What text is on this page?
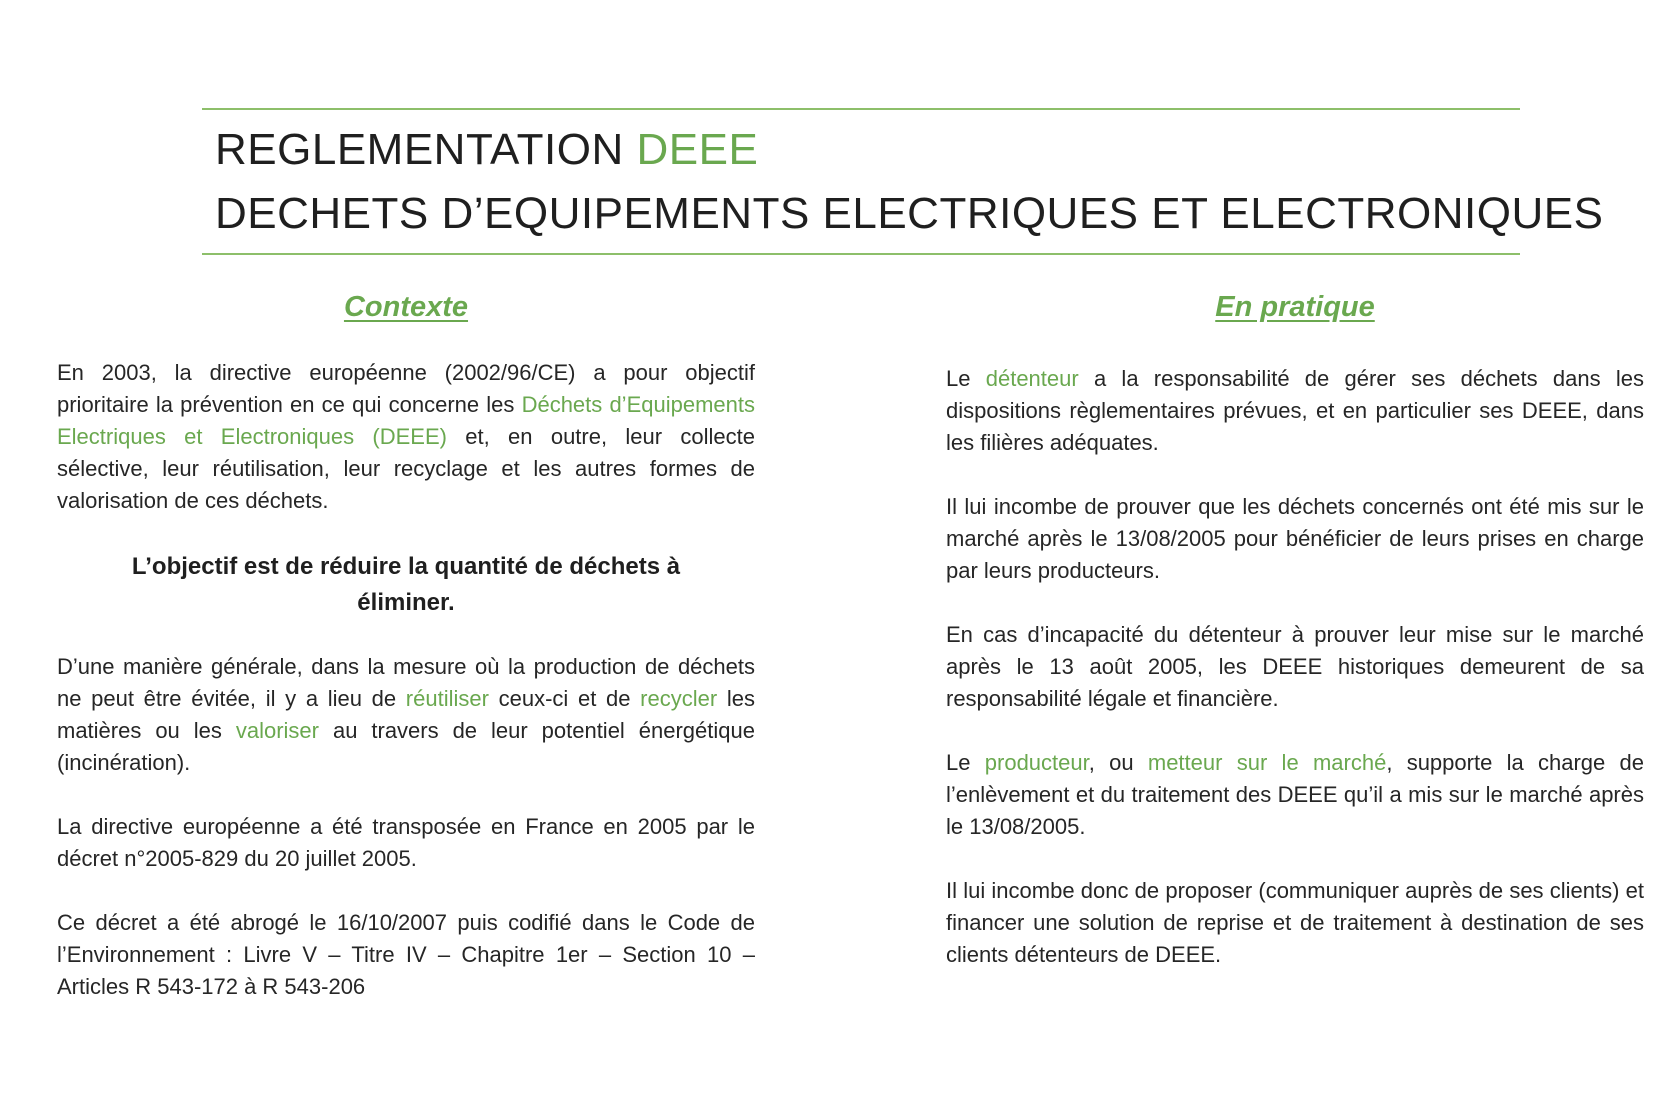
REGLEMENTATION DEEE
DECHETS D’EQUIPEMENTS ELECTRIQUES ET ELECTRONIQUES
Contexte

En 2003, la directive européenne (2002/96/CE) a pour objectif prioritaire la prévention en ce qui concerne les Déchets d’Equipements Electriques et Electroniques (DEEE) et, en outre, leur collecte sélective, leur réutilisation, leur recyclage et les autres formes de valorisation de ces déchets.

L’objectif est de réduire la quantité de déchets à éliminer.

D’une manière générale, dans la mesure où la production de déchets ne peut être évitée, il y a lieu de réutiliser ceux-ci et de recycler les matières ou les valoriser au travers de leur potentiel énergétique (incinération).

La directive européenne a été transposée en France en 2005 par le décret n°2005-829 du 20 juillet 2005.

Ce décret a été abrogé le 16/10/2007 puis codifié dans le Code de l’Environnement : Livre V – Titre IV – Chapitre 1er – Section 10 – Articles R 543-172 à R 543-206

En pratique

Le détenteur a la responsabilité de gérer ses déchets dans les dispositions règlementaires prévues, et en particulier ses DEEE, dans les filières adéquates.

Il lui incombe de prouver que les déchets concernés ont été mis sur le marché après le 13/08/2005 pour bénéficier de leurs prises en charge par leurs producteurs.

En cas d’incapacité du détenteur à prouver leur mise sur le marché après le 13 août 2005, les DEEE historiques demeurent de sa responsabilité légale et financière.

Le producteur, ou metteur sur le marché, supporte la charge de l’enlèvement et du traitement des DEEE qu’il a mis sur le marché après le 13/08/2005.

Il lui incombe donc de proposer (communiquer auprès de ses clients) et financer une solution de reprise et de traitement à destination de ses clients détenteurs de DEEE.
